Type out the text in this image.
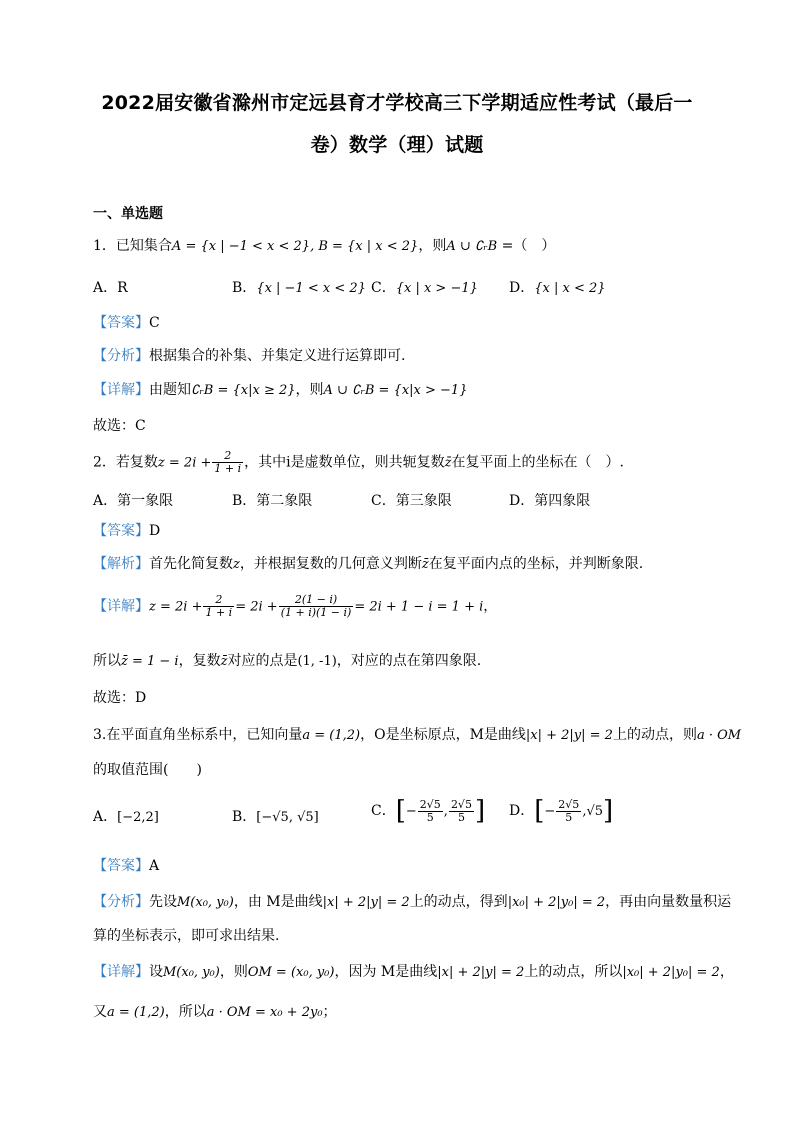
2022届安徽省滁州市定远县育才学校高三下学期适应性考试（最后一
卷）数学（理）试题
一、单选题
1．已知集合A = {x | −1 < x < 2}, B = {x | x < 2}，则A ∪ ∁ᵣB =（　）
A．R	B．{x | −1 < x < 2} C．{x | x > −1} D．{x | x < 2}
【答案】C
【分析】根据集合的补集、并集定义进行运算即可.
【详解】由题知∁ᵣB = {x|x ≥ 2}，则A ∪ ∁ᵣB = {x|x > −1}
故选：C
2．若复数$z = 2i + \frac{2}{1 + i}$ ，其中i是虚数单位，则共轭复数z̄在复平面上的坐标在（　）.
A．第一象限	B．第二象限	C．第三象限	D．第四象限
【答案】D
【解析】首先化简复数z，并根据复数的几何意义判断z̄在复平面内点的坐标，并判断象限.
【详解】$z = 2i + \frac{2}{1 + i} = 2i + \frac{2(1 - i)}{(1 + i)(1 - i)} = 2i + 1 - i = 1 + i$，
所以z̄ = 1 − i，复数z̄对应的点是(1, -1)，对应的点在第四象限.
故选：D
3.在平面直角坐标系中，已知向量a = (1,2)，O是坐标原点，M是曲线|x| + 2|y| = 2上的动点，则a · OM
的取值范围(　　)
A．[−2,2]	B．[−√5, √5]	C．[− $\frac{2√5}{5}$ , $\frac{2√5}{5}$ ] D．[− $\frac{2√5}{5} ,√5$]
【答案】A
【分析】先设M(x₀, y₀)，由 M是曲线|x| + 2|y| = 2上的动点，得到|x₀| + 2|y₀| = 2，再由向量数量积运
算的坐标表示，即可求出结果.
【详解】设M(x₀, y₀)，则OM = (x₀, y₀)，因为 M是曲线|x| + 2|y| = 2上的动点，所以|x₀| + 2|y₀| = 2，
又a = (1,2)，所以a · OM = x₀ + 2y₀；
